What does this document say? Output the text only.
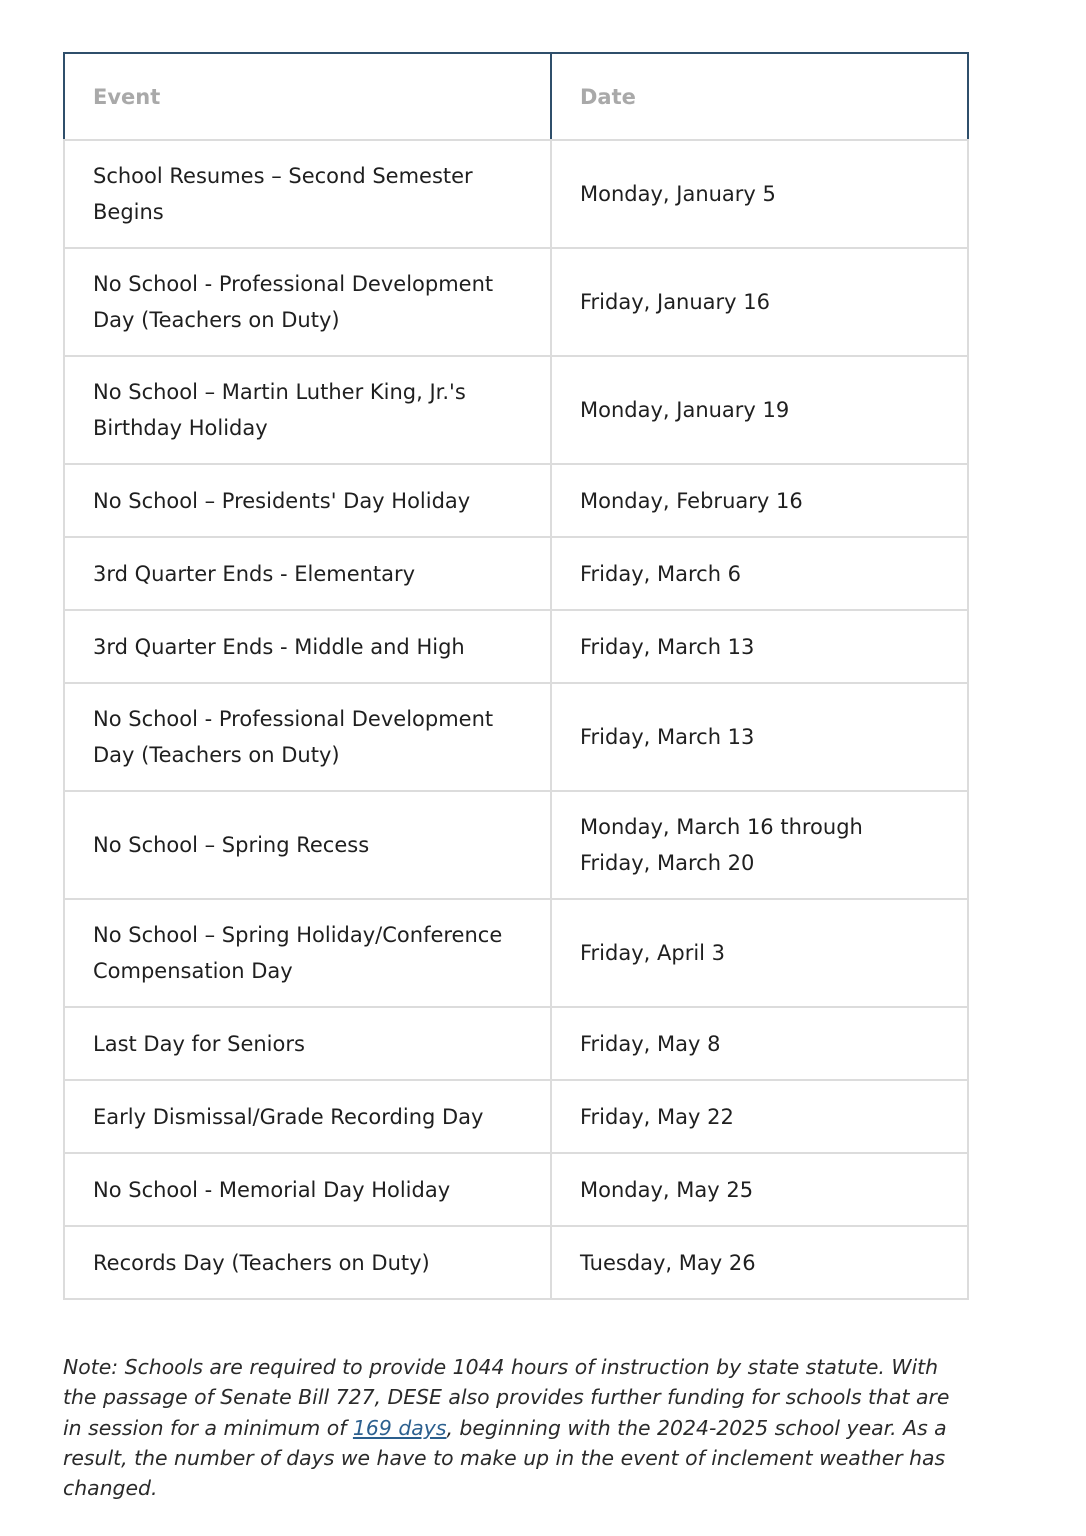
Event	Date
School Resumes – Second Semester Begins	Monday, January 5
No School - Professional Development Day (Teachers on Duty)	Friday, January 16
No School – Martin Luther King, Jr.'s Birthday Holiday	Monday, January 19
No School – Presidents' Day Holiday	Monday, February 16
3rd Quarter Ends - Elementary	Friday, March 6
3rd Quarter Ends - Middle and High	Friday, March 13
No School - Professional Development Day (Teachers on Duty)	Friday, March 13
No School – Spring Recess	Monday, March 16 through Friday, March 20
No School – Spring Holiday/Conference Compensation Day	Friday, April 3
Last Day for Seniors	Friday, May 8
Early Dismissal/Grade Recording Day	Friday, May 22
No School - Memorial Day Holiday	Monday, May 25
Records Day (Teachers on Duty)	Tuesday, May 26

Note: Schools are required to provide 1044 hours of instruction by state statute. With the passage of Senate Bill 727, DESE also provides further funding for schools that are in session for a minimum of 169 days, beginning with the 2024-2025 school year. As a result, the number of days we have to make up in the event of inclement weather has changed.
